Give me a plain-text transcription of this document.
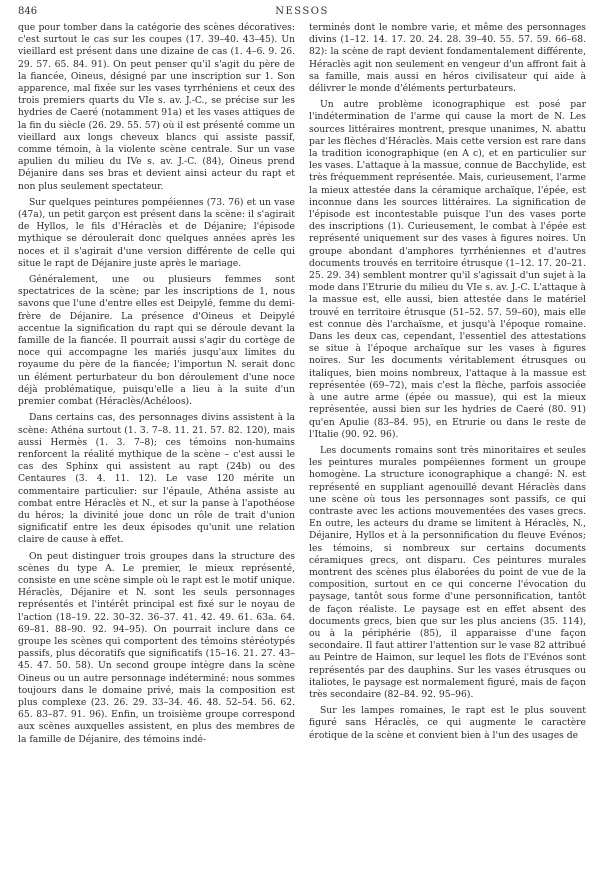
846	NESSOS

que pour tomber dans la catégorie des scènes décoratives: c'est surtout le cas sur les coupes (17. 39–40. 43–45). Un vieillard est présent dans une dizaine de cas (1. 4–6. 9. 26. 29. 57. 65. 84. 91). On peut penser qu'il s'agit du père de la fiancée, Oineus, désigné par une inscription sur 1. Son apparence, mal fixée sur les vases tyrrhéniens et ceux des trois premiers quarts du VIe s. av. J.-C., se précise sur les hydries de Caeré (notamment 91a) et les vases attiques de la fin du siècle (26. 29. 55. 57) où il est présenté comme un vieillard aux longs cheveux blancs qui assiste passif, comme témoin, à la violente scène centrale. Sur un vase apulien du milieu du IVe s. av. J.-C. (84), Oineus prend Déjanire dans ses bras et devient ainsi acteur du rapt et non plus seulement spectateur.

Sur quelques peintures pompéiennes (73. 76) et un vase (47a), un petit garçon est présent dans la scène: il s'agirait de Hyllos, le fils d'Héraclès et de Déjanire; l'épisode mythique se déroulerait donc quelques années après les noces et il s'agirait d'une version différente de celle qui situe le rapt de Déjanire juste après le mariage.

Généralement, une ou plusieurs femmes sont spectatrices de la scène; par les inscriptions de 1, nous savons que l'une d'entre elles est Deipylé, femme du demi-frère de Déjanire. La présence d'Oineus et Deipylé accentue la signification du rapt qui se déroule devant la famille de la fiancée. Il pourrait aussi s'agir du cortège de noce qui accompagne les mariés jusqu'aux limites du royaume du père de la fiancée; l'importun N. serait donc un élément perturbateur du bon déroulement d'une noce déjà problématique, puisqu'elle a lieu à la suite d'un premier combat (Héraclès/Achéloos).

Dans certains cas, des personnages divins assistent à la scène: Athéna surtout (1. 3. 7–8. 11. 21. 57. 82. 120), mais aussi Hermès (1. 3. 7–8); ces témoins non-humains renforcent la réalité mythique de la scène – c'est aussi le cas des Sphinx qui assistent au rapt (24b) ou des Centaures (3. 4. 11. 12). Le vase 120 mérite un commentaire particulier: sur l'épaule, Athéna assiste au combat entre Héraclès et N., et sur la panse à l'apothéose du héros; la divinité joue donc un rôle de trait d'union significatif entre les deux épisodes qu'unit une relation claire de cause à effet.

On peut distinguer trois groupes dans la structure des scènes du type A. Le premier, le mieux représenté, consiste en une scène simple où le rapt est le motif unique. Héraclès, Déjanire et N. sont les seuls personnages représentés et l'intérêt principal est fixé sur le noyau de l'action (18–19. 22. 30–32. 36–37. 41. 42. 49. 61. 63a. 64. 69–81. 88–90. 92. 94–95). On pourrait inclure dans ce groupe les scènes qui comportent des témoins stéréotypés passifs, plus décoratifs que significatifs (15–16. 21. 27. 43–45. 47. 50. 58). Un second groupe intègre dans la scène Oineus ou un autre personnage indéterminé: nous sommes toujours dans le domaine privé, mais la composition est plus complexe (23. 26. 29. 33–34. 46. 48. 52–54. 56. 62. 65. 83–87. 91. 96). Enfin, un troisième groupe correspond aux scènes auxquelles assistent, en plus des membres de la famille de Déjanire, des témoins indé-

terminés dont le nombre varie, et même des personnages divins (1–12. 14. 17. 20. 24. 28. 39–40. 55. 57. 59. 66–68. 82): la scène de rapt devient fondamentalement différente, Héraclès agit non seulement en vengeur d'un affront fait à sa famille, mais aussi en héros civilisateur qui aide à délivrer le monde d'éléments perturbateurs.

Un autre problème iconographique est posé par l'indétermination de l'arme qui cause la mort de N. Les sources littéraires montrent, presque unanimes, N. abattu par les flèches d'Héraclès. Mais cette version est rare dans la tradition iconographique (en A c), et en particulier sur les vases. L'attaque à la massue, connue de Bacchylide, est très fréquemment représentée. Mais, curieusement, l'arme la mieux attestée dans la céramique archaïque, l'épée, est inconnue dans les sources littéraires. La signification de l'épisode est incontestable puisque l'un des vases porte des inscriptions (1). Curieusement, le combat à l'épée est représenté uniquement sur des vases à figures noires. Un groupe abondant d'amphores tyrrhéniennes et d'autres documents trouvés en territoire étrusque (1–12. 17. 20–21. 25. 29. 34) semblent montrer qu'il s'agissait d'un sujet à la mode dans l'Etrurie du milieu du VIe s. av. J.-C. L'attaque à la massue est, elle aussi, bien attestée dans le matériel trouvé en territoire étrusque (51–52. 57. 59–60), mais elle est connue dès l'archaïsme, et jusqu'à l'époque romaine. Dans les deux cas, cependant, l'essentiel des attestations se situe à l'époque archaïque sur les vases à figures noires. Sur les documents véritablement étrusques ou italiques, bien moins nombreux, l'attaque à la massue est représentée (69–72), mais c'est la flèche, parfois associée à une autre arme (épée ou massue), qui est la mieux représentée, aussi bien sur les hydries de Caeré (80. 91) qu'en Apulie (83–84. 95), en Etrurie ou dans le reste de l'Italie (90. 92. 96).

Les documents romains sont très minoritaires et seules les peintures murales pompéiennes forment un groupe homogène. La structure iconographique a changé: N. est représenté en suppliant agenouillé devant Héraclès dans une scène où tous les personnages sont passifs, ce qui contraste avec les actions mouvementées des vases grecs. En outre, les acteurs du drame se limitent à Héraclès, N., Déjanire, Hyllos et à la personnification du fleuve Evénos; les témoins, si nombreux sur certains documents céramiques grecs, ont disparu. Ces peintures murales montrent des scènes plus élaborées du point de vue de la composition, surtout en ce qui concerne l'évocation du paysage, tantôt sous forme d'une personnification, tantôt de façon réaliste. Le paysage est en effet absent des documents grecs, bien que sur les plus anciens (35. 114), ou à la périphérie (85), il apparaisse d'une façon secondaire. Il faut attirer l'attention sur le vase 82 attribué au Peintre de Haimon, sur lequel les flots de l'Evénos sont représentés par des dauphins. Sur les vases étrusques ou italiotes, le paysage est normalement figuré, mais de façon très secondaire (82–84. 92. 95–96).

Sur les lampes romaines, le rapt est le plus souvent figuré sans Héraclès, ce qui augmente le caractère érotique de la scène et convient bien à l'un des usages de
